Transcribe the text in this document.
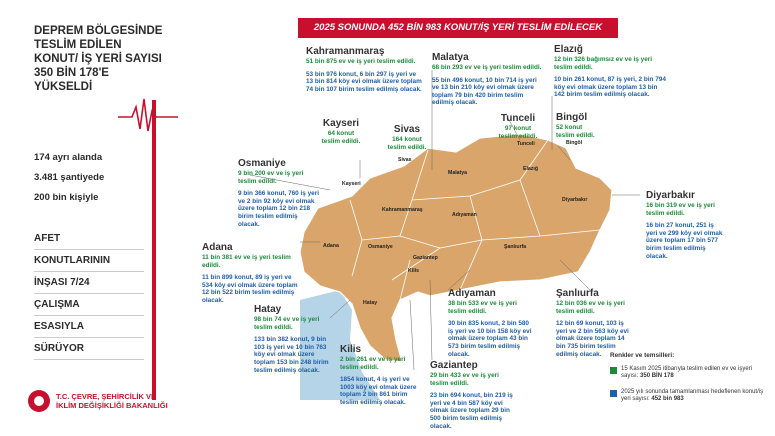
DEPREM BÖLGESİNDE
TESLİM EDİLEN
KONUT/ İŞ YERİ SAYISI
350 BİN 178'E
YÜKSELDİ
174 ayrı alanda
3.481 şantiyede
200 bin kişiyle
AFET
KONUTLARININ
İNŞASI 7/24
ÇALIŞMA
ESASIYLA
SÜRÜYOR
T.C. ÇEVRE, ŞEHİRCİLİK VE
İKLİM DEĞİŞİKLİĞİ BAKANLIĞI
Sivas
Kayseri
Malatya
Tunceli	Bingöl
Elazığ
Kahramanmaraş
Adıyaman
Diyarbakır
Adana	Osmaniye
Gaziantep
Şanlıurfa
Kilis
Hatay
2025 SONUNDA 452 BİN 983 KONUT/İŞ YERİ TESLİM EDİLECEK
Kahramanmaraş
51 bin 875 ev ve iş yeri teslim edildi.
53 bin 976 konut, 6 bin 297 iş yeri ve 13 bin 814 köy evi olmak üzere toplam 74 bin 107 birim teslim edilmiş olacak.
Malatya
68 bin 293 ev ve iş yeri teslim edildi.
55 bin 496 konut, 10 bin 714 iş yeri ve 13 bin 210 köy evi olmak üzere toplam 79 bin 420 birim teslim edilmiş olacak.
Elazığ
12 bin 326 bağımsız ev ve iş yeri teslim edildi.
10 bin 261 konut, 87 iş yeri, 2 bin 794 köy evi olmak üzere toplam 13 bin 142 birim teslim edilmiş olacak.
Kayseri
64 konut teslim edildi.
Sivas
164 konut teslim edildi.
Tunceli
97 konut teslim edildi.
Bingöl
52 konut teslim edildi.
Osmaniye
9 bin 200 ev ve iş yeri teslim edildi.
9 bin 366 konut, 760 iş yeri ve 2 bin 92 köy evi olmak üzere toplam 12 bin 218 birim teslim edilmiş olacak.
Diyarbakır
16 bin 319 ev ve iş yeri teslim edildi.
16 bin 27 konut, 251 iş yeri ve 299 köy evi olmak üzere toplam 17 bin 577 birim teslim edilmiş olacak.
Adana
11 bin 381 ev ve iş yeri teslim edildi.
11 bin 899 konut, 89 iş yeri ve 534 köy evi olmak üzere toplam 12 bin 522 birim teslim edilmiş olacak.
Hatay
98 bin 74 ev ve iş yeri teslim edildi.
133 bin 382 konut, 9 bin 103 iş yeri ve 10 bin 763 köy evi olmak üzere toplam 153 bin 248 birim teslim edilmiş olacak.
Adıyaman
38 bin 533 ev ve iş yeri teslim edildi.
30 bin 835 konut, 2 bin 580 iş yeri ve 10 bin 158 köy evi olmak üzere toplam 43 bin 573 birim teslim edilmiş olacak.
Şanlıurfa
12 bin 036 ev ve iş yeri teslim edildi.
12 bin 69 konut, 103 iş yeri ve 2 bin 563 köy evi olmak üzere toplam 14 bin 735 birim teslim edilmiş olacak.
Kilis
2 bin 261 ev ve iş yeri teslim edildi.
1854 konut, 4 iş yeri ve 1003 köy evi olmak üzere toplam 2 bin 861 birim teslim edilmiş olacak.
Gaziantep
29 bin 433 ev ve iş yeri teslim edildi.
23 bin 694 konut, bin 219 iş yeri ve 4 bin 587 köy evi olmak üzere toplam 29 bin 500 birim teslim edilmiş olacak.
Renkler ve temsilleri:
15 Kasım 2025 itibarıyla teslim edilen ev ve işyeri sayısı: 350 BİN 178
2025 yılı sonunda tamamlanması hedeflenen konut/iş yeri sayısı: 452 bin 983
